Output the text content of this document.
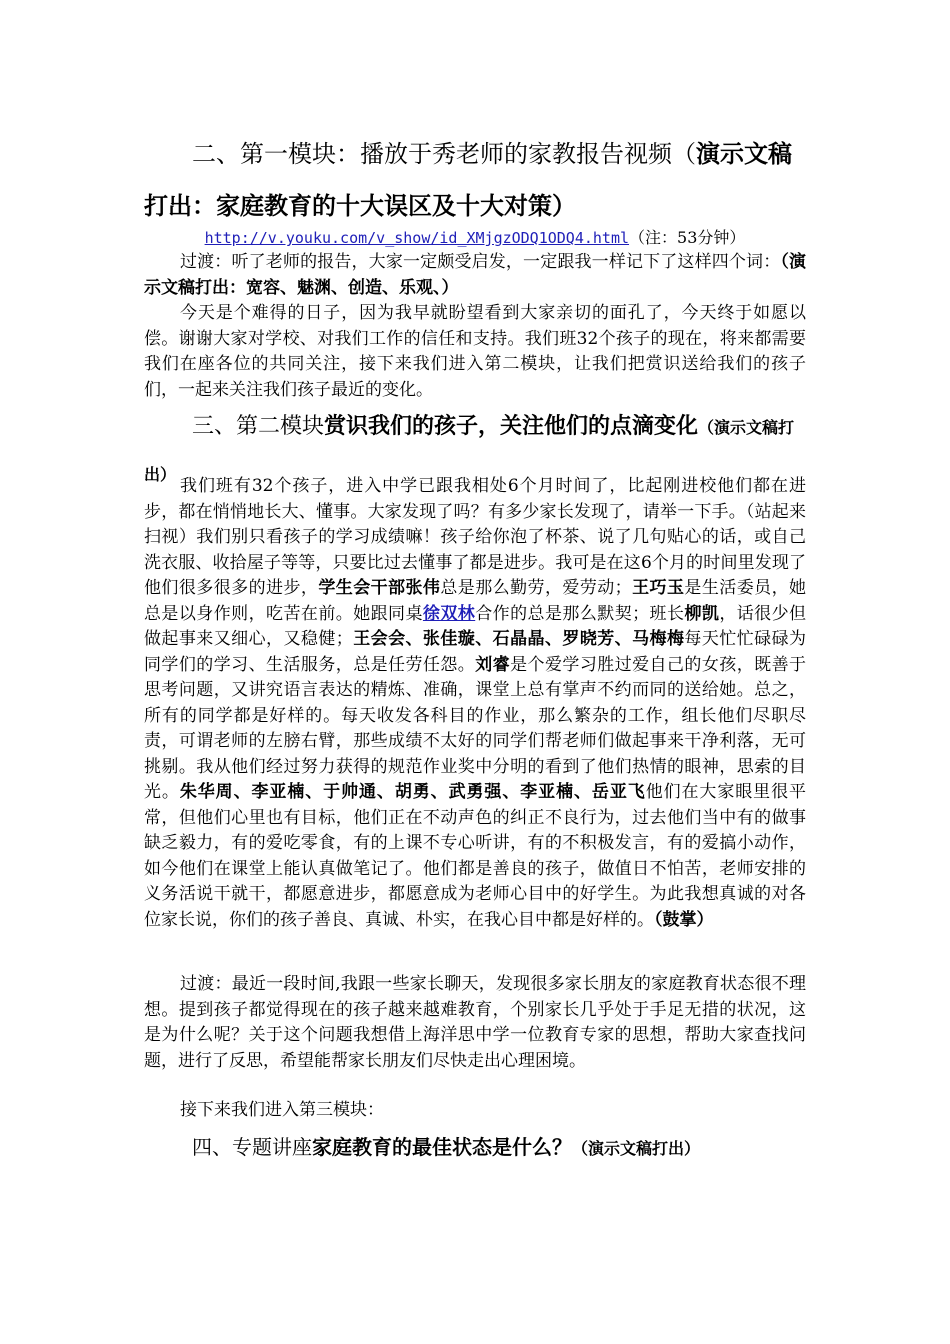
二、第一模块：播放于秀老师的家教报告视频（演示文稿打出：家庭教育的十大误区及十大对策）

http://v.youku.com/v_show/id_XMjgzODQ1ODQ4.html（注：53分钟）

过渡：听了老师的报告，大家一定颇受启发，一定跟我一样记下了这样四个词：（演示文稿打出：宽容、魅渊、创造、乐观、）

今天是个难得的日子，因为我早就盼望看到大家亲切的面孔了，今天终于如愿以偿。谢谢大家对学校、对我们工作的信任和支持。我们班32个孩子的现在，将来都需要我们在座各位的共同关注，接下来我们进入第二模块，让我们把赏识送给我们的孩子们，一起来关注我们孩子最近的变化。

三、第二模块赏识我们的孩子，关注他们的点滴变化（演示文稿打出）

我们班有32个孩子，进入中学已跟我相处6个月时间了，比起刚进校他们都在进步，都在悄悄地长大、懂事。大家发现了吗？有多少家长发现了，请举一下手。（站起来扫视）我们别只看孩子的学习成绩嘛！孩子给你泡了杯茶、说了几句贴心的话，或自己洗衣服、收拾屋子等等，只要比过去懂事了都是进步。我可是在这6个月的时间里发现了他们很多很多的进步，学生会干部张伟总是那么勤劳，爱劳动；王巧玉是生活委员，她总是以身作则，吃苦在前。她跟同桌徐双林合作的总是那么默契；班长柳凯，话很少但做起事来又细心，又稳健；王会会、张佳璇、石晶晶、罗晓芳、马梅梅每天忙忙碌碌为同学们的学习、生活服务，总是任劳任怨。刘睿是个爱学习胜过爱自己的女孩，既善于思考问题，又讲究语言表达的精炼、准确，课堂上总有掌声不约而同的送给她。总之，所有的同学都是好样的。每天收发各科目的作业，那么繁杂的工作，组长他们尽职尽责，可谓老师的左膀右臂，那些成绩不太好的同学们帮老师们做起事来干净利落，无可挑剔。我从他们经过努力获得的规范作业奖中分明的看到了他们热情的眼神，思索的目光。朱华周、李亚楠、于帅通、胡勇、武勇强、李亚楠、岳亚飞他们在大家眼里很平常，但他们心里也有目标，他们正在不动声色的纠正不良行为，过去他们当中有的做事缺乏毅力，有的爱吃零食，有的上课不专心听讲，有的不积极发言，有的爱搞小动作，如今他们在课堂上能认真做笔记了。他们都是善良的孩子，做值日不怕苦，老师安排的义务活说干就干，都愿意进步，都愿意成为老师心目中的好学生。为此我想真诚的对各位家长说，你们的孩子善良、真诚、朴实，在我心目中都是好样的。（鼓掌）

过渡：最近一段时间,我跟一些家长聊天，发现很多家长朋友的家庭教育状态很不理想。提到孩子都觉得现在的孩子越来越难教育，个别家长几乎处于手足无措的状况，这是为什么呢？关于这个问题我想借上海洋思中学一位教育专家的思想，帮助大家查找问题，进行了反思，希望能帮家长朋友们尽快走出心理困境。

接下来我们进入第三模块：

四、专题讲座家庭教育的最佳状态是什么？（演示文稿打出）
